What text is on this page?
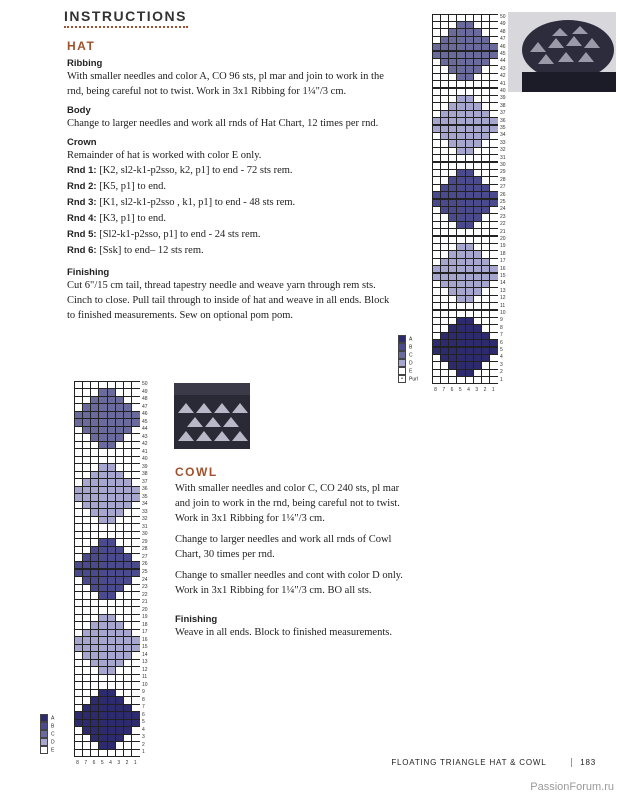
INSTRUCTIONS
HAT
Ribbing
With smaller needles and color A, CO 96 sts, pl mar and join to work in the rnd, being careful not to twist. Work in 3x1 Ribbing for 1¼"/3 cm.
Body
Change to larger needles and work all rnds of Hat Chart, 12 times per rnd.
Crown
Remainder of hat is worked with color E only.
Rnd 1: [K2, sl2-k1-p2sso, k2, p1] to end - 72 sts rem.
Rnd 2: [K5, p1] to end.
Rnd 3: [K1, sl2-k1-p2sso , k1, p1] to end - 48 sts rem.
Rnd 4: [K3, p1] to end.
Rnd 5: [Sl2-k1-p2sso, p1] to end - 24 sts rem.
Rnd 6: [Ssk] to end– 12 sts rem.
Finishing
Cut 6"/15 cm tail, thread tapestry needle and weave yarn through rem sts. Cinch to close. Pull tail through to inside of hat and weave in all ends. Block to finished measurements. Sew on optional pom pom.
1
2
3
4
5
6
7
8
9
10
11
12
13
14
15
16
17
18
19
20
21
22
23
24
25
26
27
28
29
30
31
32
33
34
35
36
37
38
39
40
41
42
43
44
45
46
47
48
49
50
8 7 6 5 4 3 2 1
A
B
C
D
E
• Purl
1
2
3
4
5
6
7
8
9
10
11
12
13
14
15
16
17
18
19
20
21
22
23
24
25
26
27
28
29
30
31
32
33
34
35
36
37
38
39
40
41
42
43
44
45
46
47
48
49
50
8 7 6 5 4 3 2 1
A
B
C
D
E
COWL
With smaller needles and color C, CO 240 sts, pl mar and join to work in the rnd, being careful not to twist. Work in 3x1 Ribbing for 1¼"/3 cm.
Change to larger needles and work all rnds of Cowl Chart, 30 times per rnd.
Change to smaller needles and cont with color D only. Work in 3x1 Ribbing for 1¼"/3 cm. BO all sts.
Finishing
Weave in all ends. Block to finished measurements.
FLOATING TRIANGLE HAT & COWL	183
PassionForum.ru
